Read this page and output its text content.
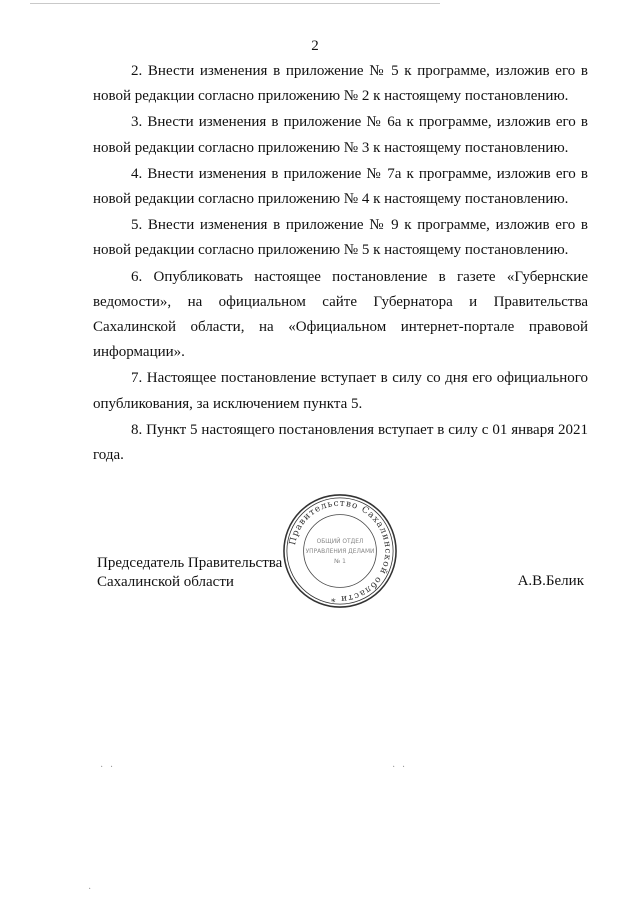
2

2. Внести изменения в приложение № 5 к программе, изложив его в новой редакции согласно приложению № 2 к настоящему постановлению.

3. Внести изменения в приложение № 6а к программе, изложив его в новой редакции согласно приложению № 3 к настоящему постановлению.

4. Внести изменения в приложение № 7а к программе, изложив его в новой редакции согласно приложению № 4 к настоящему постановлению.

5. Внести изменения в приложение № 9 к программе, изложив его в новой редакции согласно приложению № 5 к настоящему постановлению.

6. Опубликовать настоящее постановление в газете «Губернские ведомости», на официальном сайте Губернатора и Правительства Сахалинской области, на «Официальном интернет-портале правовой информации».

7. Настоящее постановление вступает в силу со дня его официального опубликования, за исключением пункта 5.

8. Пункт 5 настоящего постановления вступает в силу с 01 января 2021 года.

Председатель Правительства
Сахалинской области
Правительство Сахалинской области *
ОБЩИЙ ОТДЕЛ
УПРАВЛЕНИЯ ДЕЛАМИ
№ 1
А.В.Белик
· ·	· ·
·
